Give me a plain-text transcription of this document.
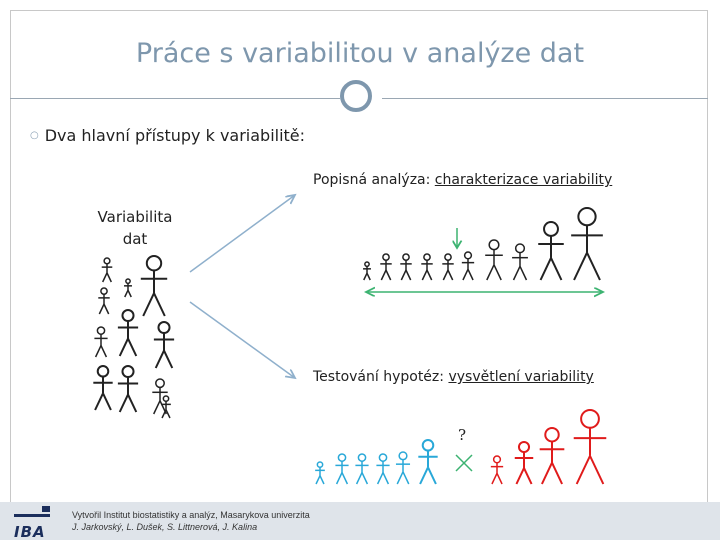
Práce s variabilitou v analýze dat
○ Dva hlavní přístupy k variabilitě:
Variabilita
dat
Popisná analýza: charakterizace variability
Testování hypotéz: vysvětlení variability
?
IBA
Vytvořil Institut biostatistiky a analýz, Masarykova univerzita
J. Jarkovský, L. Dušek, S. Littnerová, J. Kalina
